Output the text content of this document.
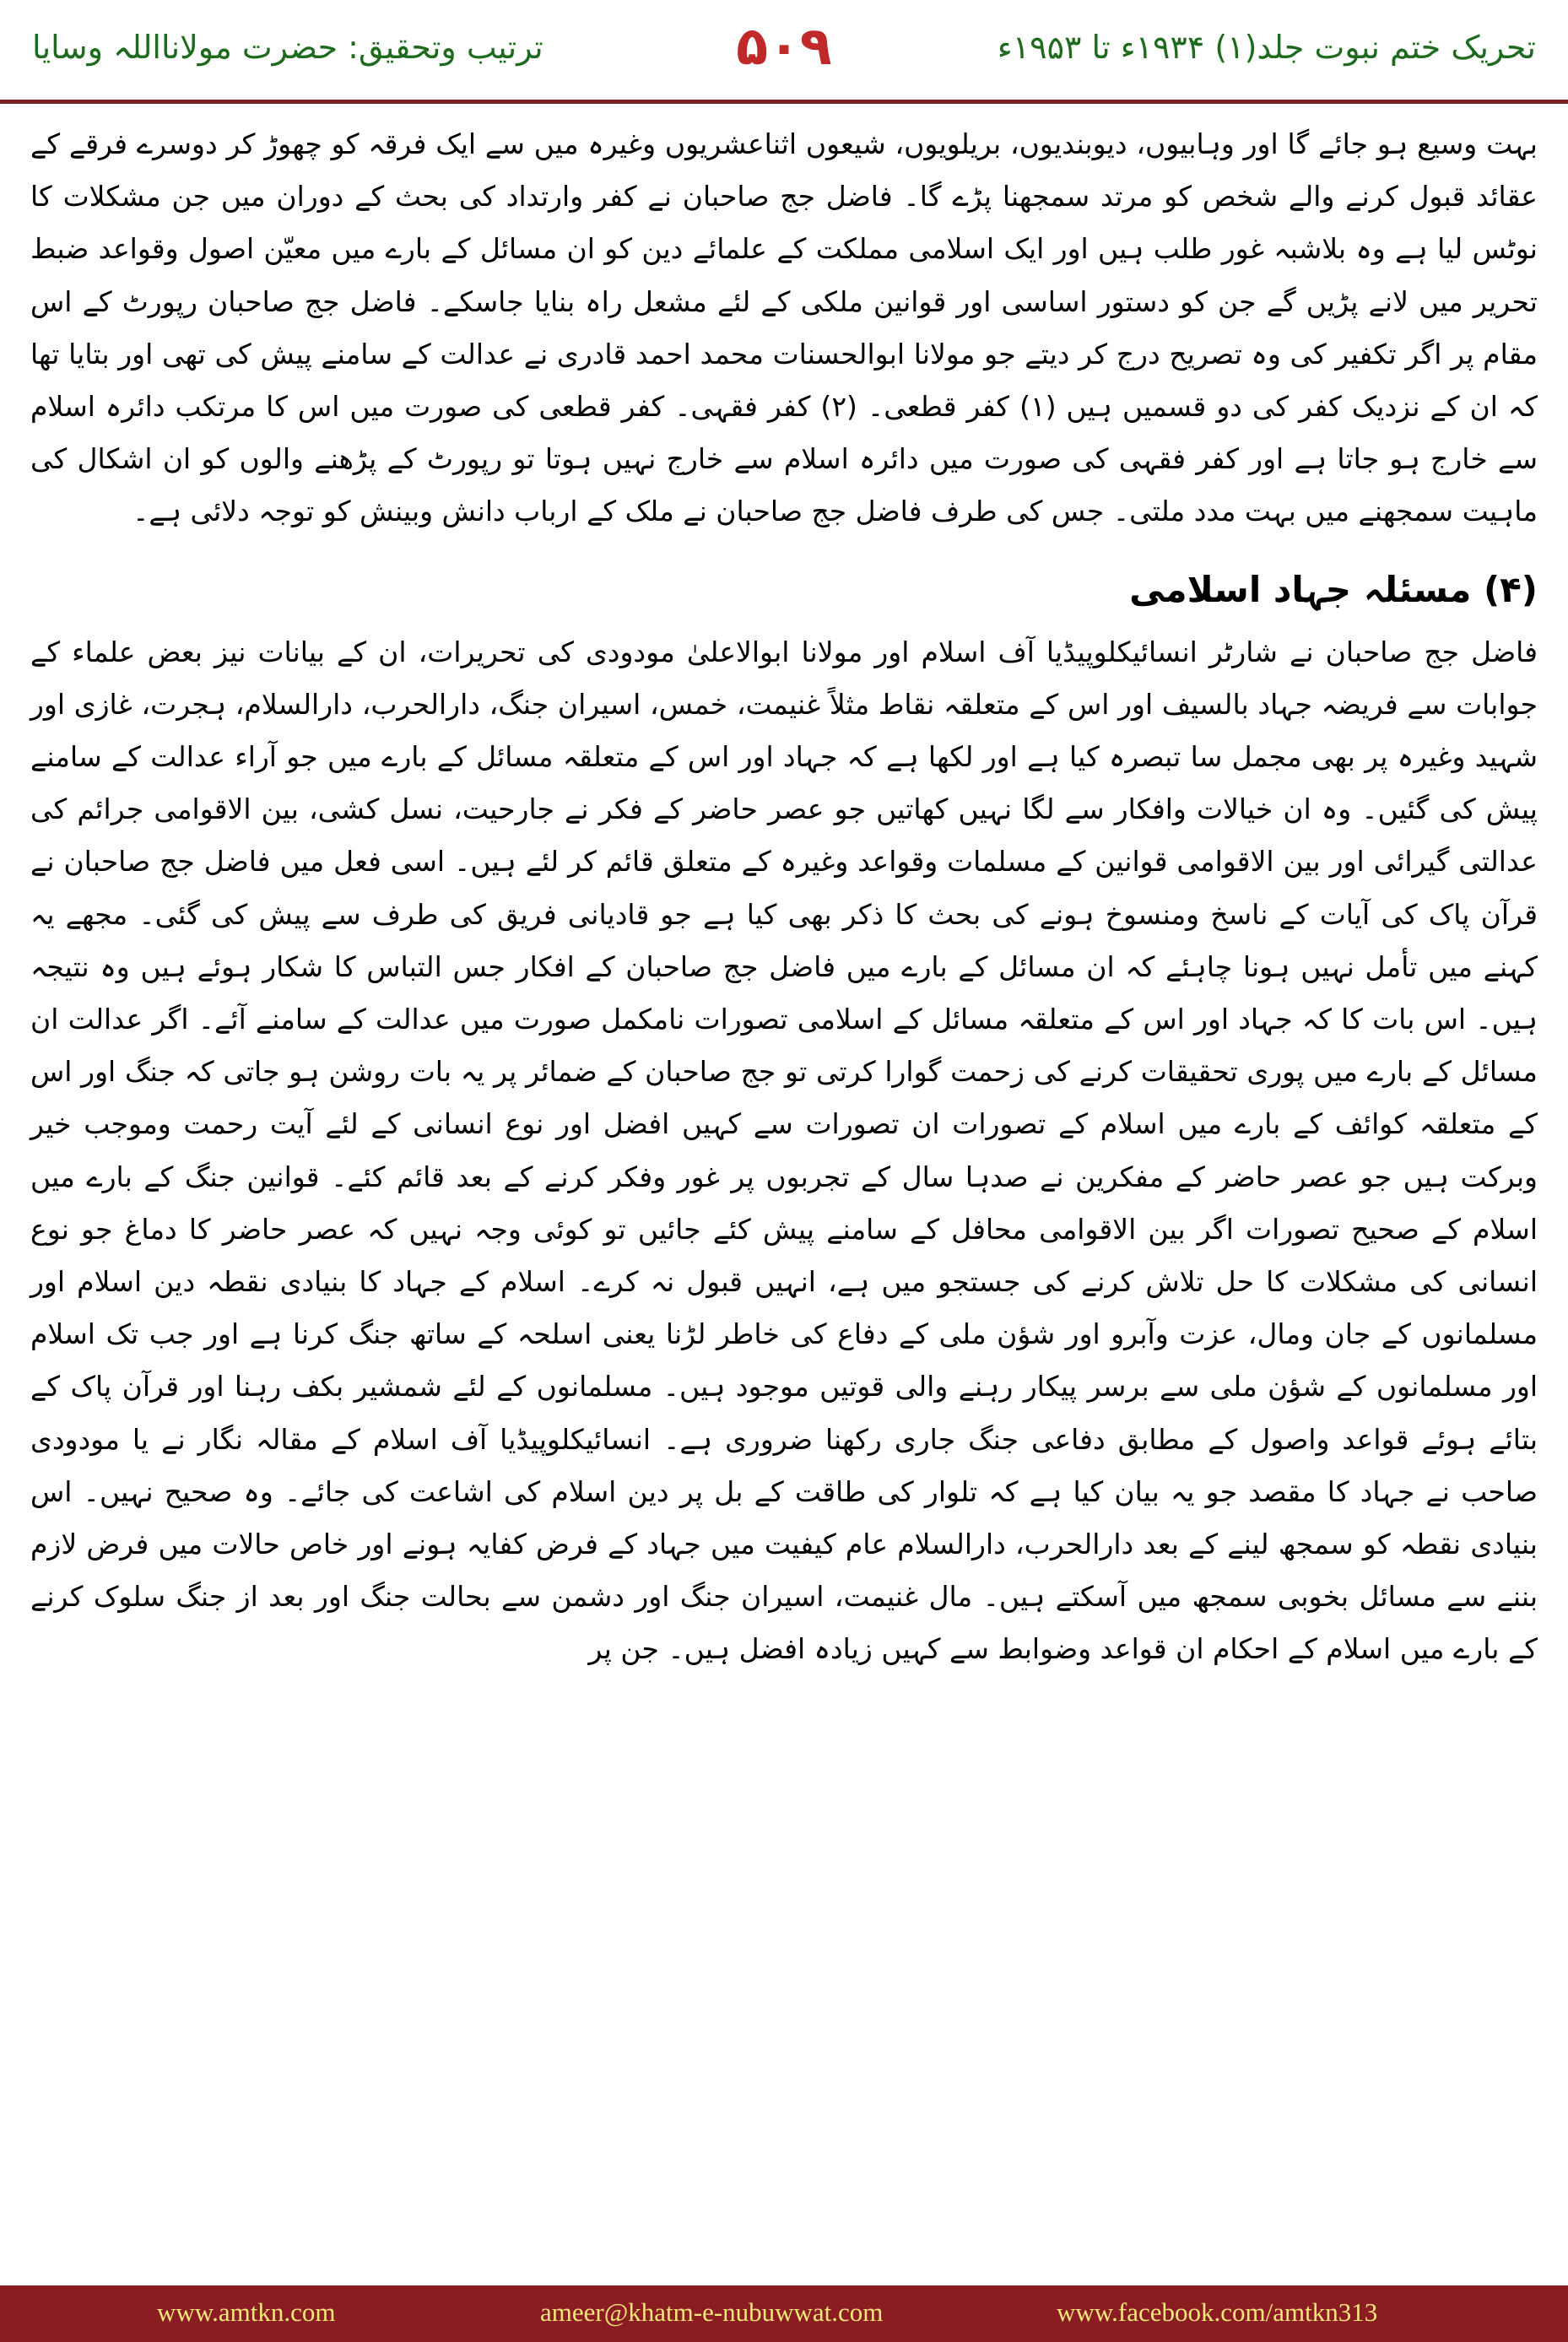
تحریک ختم نبوت جلد(۱) ۱۹۳۴ء تا ۱۹۵۳ء
۵۰۹
ترتیب وتحقیق: حضرت مولانااللہ وسایا

بہت وسیع ہو جائے گا اور وہابیوں، دیوبندیوں، بریلویوں، شیعوں اثناعشریوں وغیرہ میں سے ایک فرقہ کو چھوڑ کر دوسرے فرقے کے عقائد قبول کرنے والے شخص کو مرتد سمجھنا پڑے گا۔ فاضل جج صاحبان نے کفر وارتداد کی بحث کے دوران میں جن مشکلات کا نوٹس لیا ہے وہ بلاشبہ غور طلب ہیں اور ایک اسلامی مملکت کے علمائے دین کو ان مسائل کے بارے میں معیّن اصول وقواعد ضبط تحریر میں لانے پڑیں گے جن کو دستور اساسی اور قوانین ملکی کے لئے مشعل راہ بنایا جاسکے۔ فاضل جج صاحبان رپورٹ کے اس مقام پر اگر تکفیر کی وہ تصریح درج کر دیتے جو مولانا ابوالحسنات محمد احمد قادری نے عدالت کے سامنے پیش کی تھی اور بتایا تھا کہ ان کے نزدیک کفر کی دو قسمیں ہیں (۱) کفر قطعی۔ (۲) کفر فقہی۔ کفر قطعی کی صورت میں اس کا مرتکب دائرہ اسلام سے خارج ہو جاتا ہے اور کفر فقہی کی صورت میں دائرہ اسلام سے خارج نہیں ہوتا تو رپورٹ کے پڑھنے والوں کو ان اشکال کی ماہیت سمجھنے میں بہت مدد ملتی۔ جس کی طرف فاضل جج صاحبان نے ملک کے ارباب دانش وبینش کو توجہ دلائی ہے۔

(۴) مسئلہ جہاد اسلامی

فاضل جج صاحبان نے شارٹر انسائیکلوپیڈیا آف اسلام اور مولانا ابوالاعلیٰ مودودی کی تحریرات، ان کے بیانات نیز بعض علماء کے جوابات سے فریضہ جہاد بالسیف اور اس کے متعلقہ نقاط مثلاً غنیمت، خمس، اسیران جنگ، دارالحرب، دارالسلام، ہجرت، غازی اور شہید وغیرہ پر بھی مجمل سا تبصرہ کیا ہے اور لکھا ہے کہ جہاد اور اس کے متعلقہ مسائل کے بارے میں جو آراء عدالت کے سامنے پیش کی گئیں۔ وہ ان خیالات وافکار سے لگا نہیں کھاتیں جو عصر حاضر کے فکر نے جارحیت، نسل کشی، بین الاقوامی جرائم کی عدالتی گیرائی اور بین الاقوامی قوانین کے مسلمات وقواعد وغیرہ کے متعلق قائم کر لئے ہیں۔ اسی فعل میں فاضل جج صاحبان نے قرآن پاک کی آیات کے ناسخ ومنسوخ ہونے کی بحث کا ذکر بھی کیا ہے جو قادیانی فریق کی طرف سے پیش کی گئی۔ مجھے یہ کہنے میں تأمل نہیں ہونا چاہئے کہ ان مسائل کے بارے میں فاضل جج صاحبان کے افکار جس التباس کا شکار ہوئے ہیں وہ نتیجہ ہیں۔ اس بات کا کہ جہاد اور اس کے متعلقہ مسائل کے اسلامی تصورات نامکمل صورت میں عدالت کے سامنے آئے۔ اگر عدالت ان مسائل کے بارے میں پوری تحقیقات کرنے کی زحمت گوارا کرتی تو جج صاحبان کے ضمائر پر یہ بات روشن ہو جاتی کہ جنگ اور اس کے متعلقہ کوائف کے بارے میں اسلام کے تصورات ان تصورات سے کہیں افضل اور نوع انسانی کے لئے آیت رحمت وموجب خیر وبرکت ہیں جو عصر حاضر کے مفکرین نے صدہا سال کے تجربوں پر غور وفکر کرنے کے بعد قائم کئے۔ قوانین جنگ کے بارے میں اسلام کے صحیح تصورات اگر بین الاقوامی محافل کے سامنے پیش کئے جائیں تو کوئی وجہ نہیں کہ عصر حاضر کا دماغ جو نوع انسانی کی مشکلات کا حل تلاش کرنے کی جستجو میں ہے، انہیں قبول نہ کرے۔ اسلام کے جہاد کا بنیادی نقطہ دین اسلام اور مسلمانوں کے جان ومال، عزت وآبرو اور شؤن ملی کے دفاع کی خاطر لڑنا یعنی اسلحہ کے ساتھ جنگ کرنا ہے اور جب تک اسلام اور مسلمانوں کے شؤن ملی سے برسر پیکار رہنے والی قوتیں موجود ہیں۔ مسلمانوں کے لئے شمشیر بکف رہنا اور قرآن پاک کے بتائے ہوئے قواعد واصول کے مطابق دفاعی جنگ جاری رکھنا ضروری ہے۔ انسائیکلوپیڈیا آف اسلام کے مقالہ نگار نے یا مودودی صاحب نے جہاد کا مقصد جو یہ بیان کیا ہے کہ تلوار کی طاقت کے بل پر دین اسلام کی اشاعت کی جائے۔ وہ صحیح نہیں۔ اس بنیادی نقطہ کو سمجھ لینے کے بعد دارالحرب، دارالسلام عام کیفیت میں جہاد کے فرض کفایہ ہونے اور خاص حالات میں فرض لازم بننے سے مسائل بخوبی سمجھ میں آسکتے ہیں۔ مال غنیمت، اسیران جنگ اور دشمن سے بحالت جنگ اور بعد از جنگ سلوک کرنے کے بارے میں اسلام کے احکام ان قواعد وضوابط سے کہیں زیادہ افضل ہیں۔ جن پر

www.amtkn.com	ameer@khatm-e-nubuwwat.com	www.facebook.com/amtkn313
